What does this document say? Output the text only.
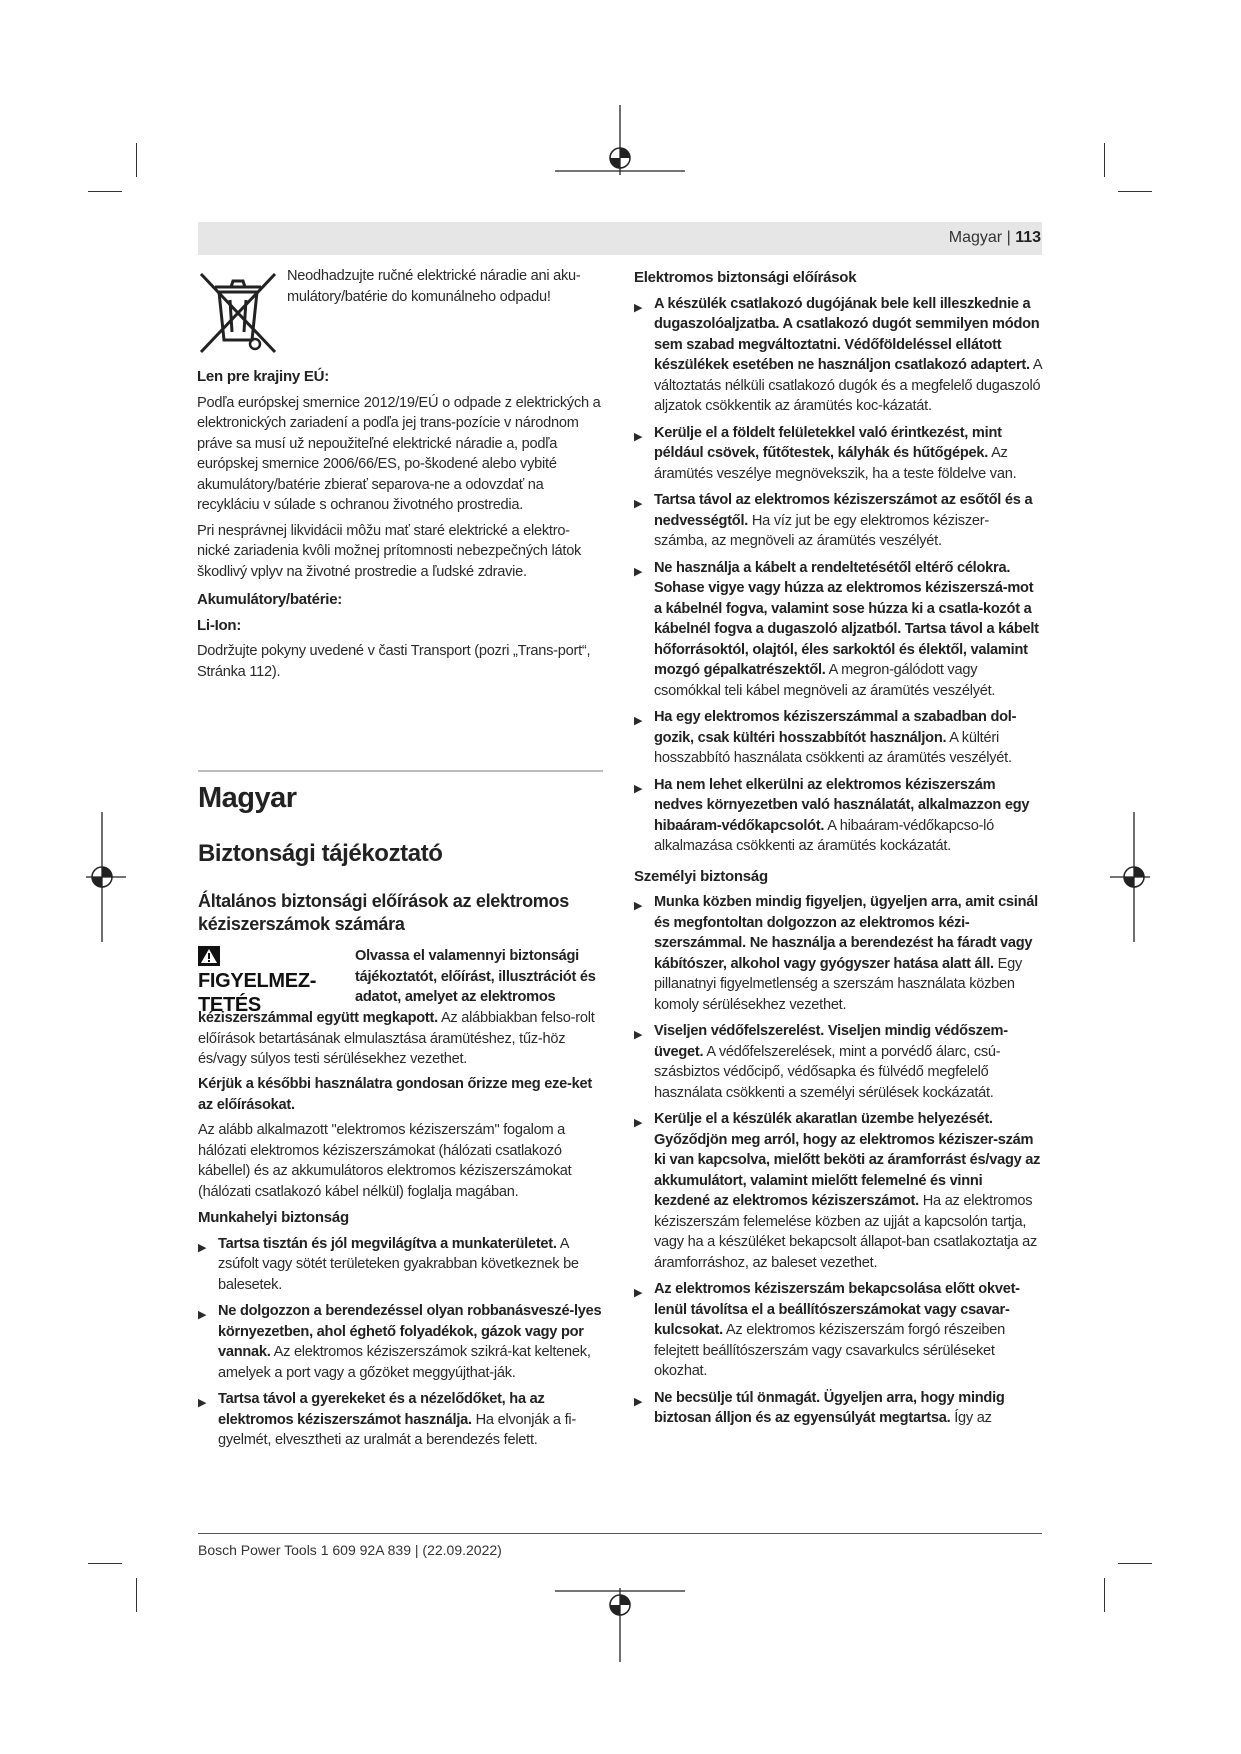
Magyar | 113

Neodhadzujte ručné elektrické náradie ani aku-mulátory/batérie do komunálneho odpadu!

Len pre krajiny EÚ:

Podľa európskej smernice 2012/19/EÚ o odpade z elektrických a elektronických zariadení a podľa jej trans-pozície v národnom práve sa musí už nepoužiteľné elektrické náradie a, podľa európskej smernice 2006/66/ES, po-škodené alebo vybité akumulátory/batérie zbierať separova-ne a odovzdať na recykláciu v súlade s ochranou životného prostredia.

Pri nesprávnej likvidácii môžu mať staré elektrické a elektro-nické zariadenia kvôli možnej prítomnosti nebezpečných látok škodlivý vplyv na životné prostredie a ľudské zdravie.

Akumulátory/batérie:

Li-Ion:

Dodržujte pokyny uvedené v časti Transport (pozri „Trans-port“, Stránka 112).

Magyar
Biztonsági tájékoztató
Általános biztonsági előírások az elektromos kéziszerszámok számára
FIGYELMEZ-TETÉS
Olvassa el valamennyi biztonsági tájékoztatót, előírást, illusztrációt és adatot, amelyet az elektromos
kéziszerszámmal együtt megkapott. Az alábbiakban felso-rolt előírások betartásának elmulasztása áramütéshez, tűz-höz és/vagy súlyos testi sérülésekhez vezethet.

Kérjük a későbbi használatra gondosan őrizze meg eze-ket az előírásokat.

Az alább alkalmazott "elektromos kéziszerszám" fogalom a hálózati elektromos kéziszerszámokat (hálózati csatlakozó kábellel) és az akkumulátoros elektromos kéziszerszámokat (hálózati csatlakozó kábel nélkül) foglalja magában.

Munkahelyi biztonság

▶ Tartsa tisztán és jól megvilágítva a munkaterületet. A zsúfolt vagy sötét területeken gyakrabban következnek be balesetek.
▶ Ne dolgozzon a berendezéssel olyan robbanásveszé-lyes környezetben, ahol éghető folyadékok, gázok vagy por vannak. Az elektromos kéziszerszámok szikrá-kat keltenek, amelyek a port vagy a gőzöket meggyújthat-ják.
▶ Tartsa távol a gyerekeket és a nézelődőket, ha az elektromos kéziszerszámot használja. Ha elvonják a fi-gyelmét, elvesztheti az uralmát a berendezés felett.

Elektromos biztonsági előírások

▶ A készülék csatlakozó dugójának bele kell illeszkednie a dugaszolóaljzatba. A csatlakozó dugót semmilyen módon sem szabad megváltoztatni. Védőföldeléssel ellátott készülékek esetében ne használjon csatlakozó adaptert. A változtatás nélküli csatlakozó dugók és a megfelelő dugaszoló aljzatok csökkentik az áramütés koc-kázatát.
▶ Kerülje el a földelt felületekkel való érintkezést, mint például csövek, fűtőtestek, kályhák és hűtőgépek. Az áramütés veszélye megnövekszik, ha a teste földelve van.
▶ Tartsa távol az elektromos kéziszerszámot az esőtől és a nedvességtől. Ha víz jut be egy elektromos kéziszer-számba, az megnöveli az áramütés veszélyét.
▶ Ne használja a kábelt a rendeltetésétől eltérő célokra. Sohase vigye vagy húzza az elektromos kéziszerszá-mot a kábelnél fogva, valamint sose húzza ki a csatla-kozót a kábelnél fogva a dugaszoló aljzatból. Tartsa távol a kábelt hőforrásoktól, olajtól, éles sarkoktól és élektől, valamint mozgó gépalkatrészektől. A megron-gálódott vagy csomókkal teli kábel megnöveli az áramütés veszélyét.
▶ Ha egy elektromos kéziszerszámmal a szabadban dol-gozik, csak kültéri hosszabbítót használjon. A kültéri hosszabbító használata csökkenti az áramütés veszélyét.
▶ Ha nem lehet elkerülni az elektromos kéziszerszám nedves környezetben való használatát, alkalmazzon egy hibaáram-védőkapcsolót. A hibaáram-védőkapcso-ló alkalmazása csökkenti az áramütés kockázatát.

Személyi biztonság

▶ Munka közben mindig figyeljen, ügyeljen arra, amit csinál és megfontoltan dolgozzon az elektromos kézi-szerszámmal. Ne használja a berendezést ha fáradt vagy kábítószer, alkohol vagy gyógyszer hatása alatt áll. Egy pillanatnyi figyelmetlenség a szerszám használata közben komoly sérülésekhez vezethet.
▶ Viseljen védőfelszerelést. Viseljen mindig védőszem-üveget. A védőfelszerelések, mint a porvédő álarc, csú-szásbiztos védőcipő, védősapka és fülvédő megfelelő használata csökkenti a személyi sérülések kockázatát.
▶ Kerülje el a készülék akaratlan üzembe helyezését. Győződjön meg arról, hogy az elektromos kéziszer-szám ki van kapcsolva, mielőtt beköti az áramforrást és/vagy az akkumulátort, valamint mielőtt felemelné és vinni kezdené az elektromos kéziszerszámot. Ha az elektromos kéziszerszám felemelése közben az ujját a kapcsolón tartja, vagy ha a készüléket bekapcsolt állapot-ban csatlakoztatja az áramforráshoz, az baleset vezethet.
▶ Az elektromos kéziszerszám bekapcsolása előtt okvet-lenül távolítsa el a beállítószerszámokat vagy csavar-kulcsokat. Az elektromos kéziszerszám forgó részeiben felejtett beállítószerszám vagy csavarkulcs sérüléseket okozhat.
▶ Ne becsülje túl önmagát. Ügyeljen arra, hogy mindig biztosan álljon és az egyensúlyát megtartsa. Így az
Bosch Power Tools 1 609 92A 839 | (22.09.2022)
